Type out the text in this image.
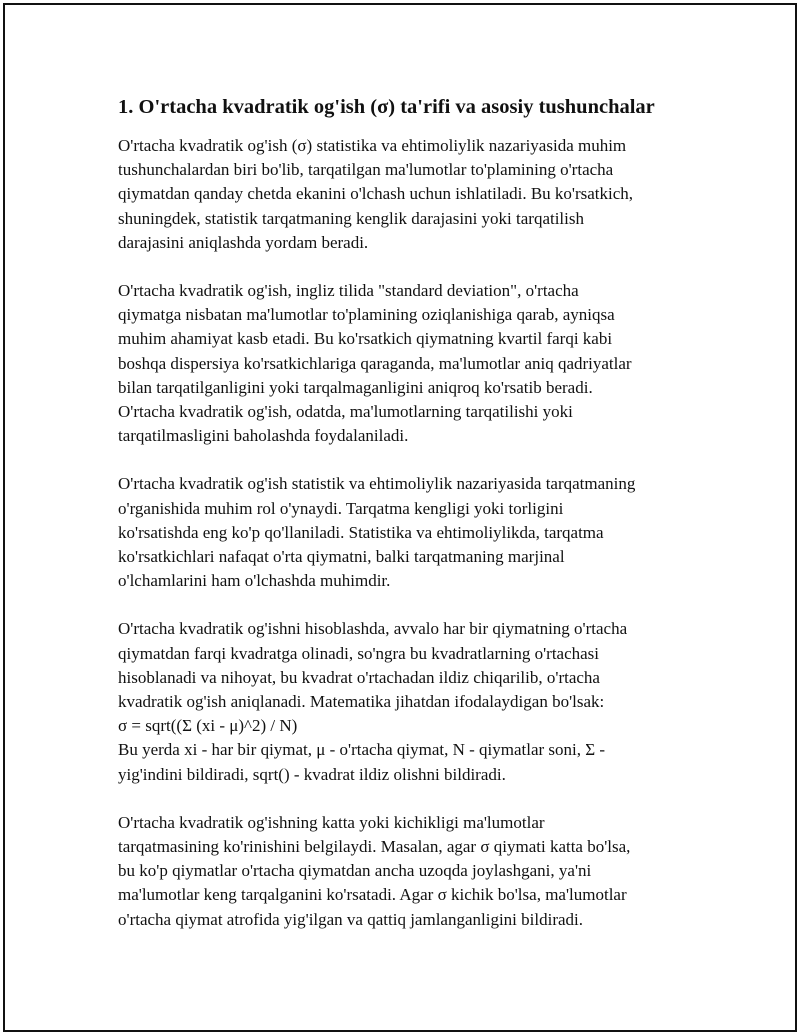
1. O'rtacha kvadratik og'ish (σ) ta'rifi va asosiy tushunchalar

O'rtacha kvadratik og'ish (σ) statistika va ehtimoliylik nazariyasida muhim
tushunchalardan biri bo'lib, tarqatilgan ma'lumotlar to'plamining o'rtacha
qiymatdan qanday chetda ekanini o'lchash uchun ishlatiladi. Bu ko'rsatkich,
shuningdek, statistik tarqatmaning kenglik darajasini yoki tarqatilish
darajasini aniqlashda yordam beradi.

O'rtacha kvadratik og'ish, ingliz tilida "standard deviation", o'rtacha
qiymatga nisbatan ma'lumotlar to'plamining oziqlanishiga qarab, ayniqsa
muhim ahamiyat kasb etadi. Bu ko'rsatkich qiymatning kvartil farqi kabi
boshqa dispersiya ko'rsatkichlariga qaraganda, ma'lumotlar aniq qadriyatlar
bilan tarqatilganligini yoki tarqalmaganligini aniqroq ko'rsatib beradi.
O'rtacha kvadratik og'ish, odatda, ma'lumotlarning tarqatilishi yoki
tarqatilmasligini baholashda foydalaniladi.

O'rtacha kvadratik og'ish statistik va ehtimoliylik nazariyasida tarqatmaning
o'rganishida muhim rol o'ynaydi. Tarqatma kengligi yoki torligini
ko'rsatishda eng ko'p qo'llaniladi. Statistika va ehtimoliylikda, tarqatma
ko'rsatkichlari nafaqat o'rta qiymatni, balki tarqatmaning marjinal
o'lchamlarini ham o'lchashda muhimdir.

O'rtacha kvadratik og'ishni hisoblashda, avvalo har bir qiymatning o'rtacha
qiymatdan farqi kvadratga olinadi, so'ngra bu kvadratlarning o'rtachasi
hisoblanadi va nihoyat, bu kvadrat o'rtachadan ildiz chiqarilib, o'rtacha
kvadratik og'ish aniqlanadi. Matematika jihatdan ifodalaydigan bo'lsak:
σ = sqrt((Σ (xi - μ)^2) / N)
Bu yerda xi - har bir qiymat, μ - o'rtacha qiymat, N - qiymatlar soni, Σ -
yig'indini bildiradi, sqrt() - kvadrat ildiz olishni bildiradi.

O'rtacha kvadratik og'ishning katta yoki kichikligi ma'lumotlar
tarqatmasining ko'rinishini belgilaydi. Masalan, agar σ qiymati katta bo'lsa,
bu ko'p qiymatlar o'rtacha qiymatdan ancha uzoqda joylashgani, ya'ni
ma'lumotlar keng tarqalganini ko'rsatadi. Agar σ kichik bo'lsa, ma'lumotlar
o'rtacha qiymat atrofida yig'ilgan va qattiq jamlanganligini bildiradi.
